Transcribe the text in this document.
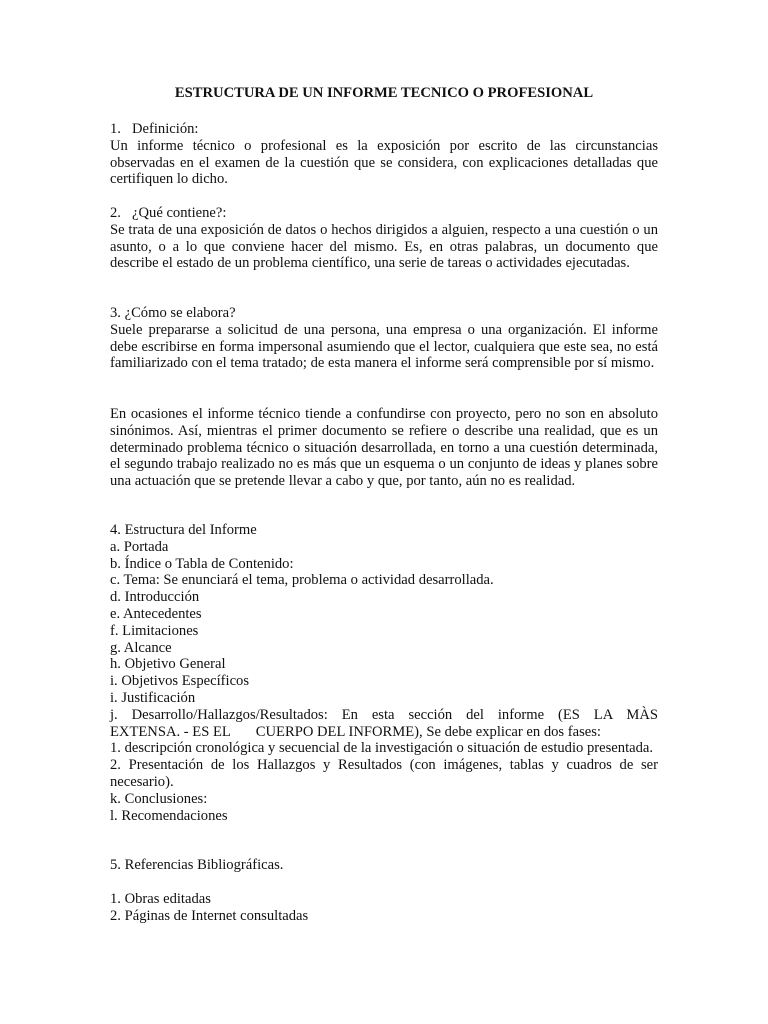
ESTRUCTURA DE UN INFORME TECNICO O PROFESIONAL
1. Definición:
Un informe técnico o profesional es la exposición por escrito de las circunstancias observadas en el examen de la cuestión que se considera, con explicaciones detalladas que certifiquen lo dicho.
2. ¿Qué contiene?:
Se trata de una exposición de datos o hechos dirigidos a alguien, respecto a una cuestión o un asunto, o a lo que conviene hacer del mismo. Es, en otras palabras, un documento que describe el estado de un problema científico, una serie de tareas o actividades ejecutadas.
3. ¿Cómo se elabora?
Suele prepararse a solicitud de una persona, una empresa o una organización. El informe debe escribirse en forma impersonal asumiendo que el lector, cualquiera que este sea, no está familiarizado con el tema tratado; de esta manera el informe será comprensible por sí mismo.
En ocasiones el informe técnico tiende a confundirse con proyecto, pero no son en absoluto sinónimos. Así, mientras el primer documento se refiere o describe una realidad, que es un determinado problema técnico o situación desarrollada, en torno a una cuestión determinada, el segundo trabajo realizado no es más que un esquema o un conjunto de ideas y planes sobre una actuación que se pretende llevar a cabo y que, por tanto, aún no es realidad.
4. Estructura del Informe
a. Portada
b. Índice o Tabla de Contenido:
c. Tema: Se enunciará el tema, problema o actividad desarrollada.
d. Introducción
e. Antecedentes
f. Limitaciones
g. Alcance
h. Objetivo General
i. Objetivos Específicos
i. Justificación
j. Desarrollo/Hallazgos/Resultados: En esta sección del informe (ES LA MÀS
EXTENSA. - ES EL       CUERPO DEL INFORME), Se debe explicar en dos fases:
1. descripción cronológica y secuencial de la investigación o situación de estudio presentada.
2. Presentación de los Hallazgos y Resultados (con imágenes, tablas y cuadros de ser necesario).
k. Conclusiones:
l. Recomendaciones
5. Referencias Bibliográficas.
1. Obras editadas
2. Páginas de Internet consultadas
